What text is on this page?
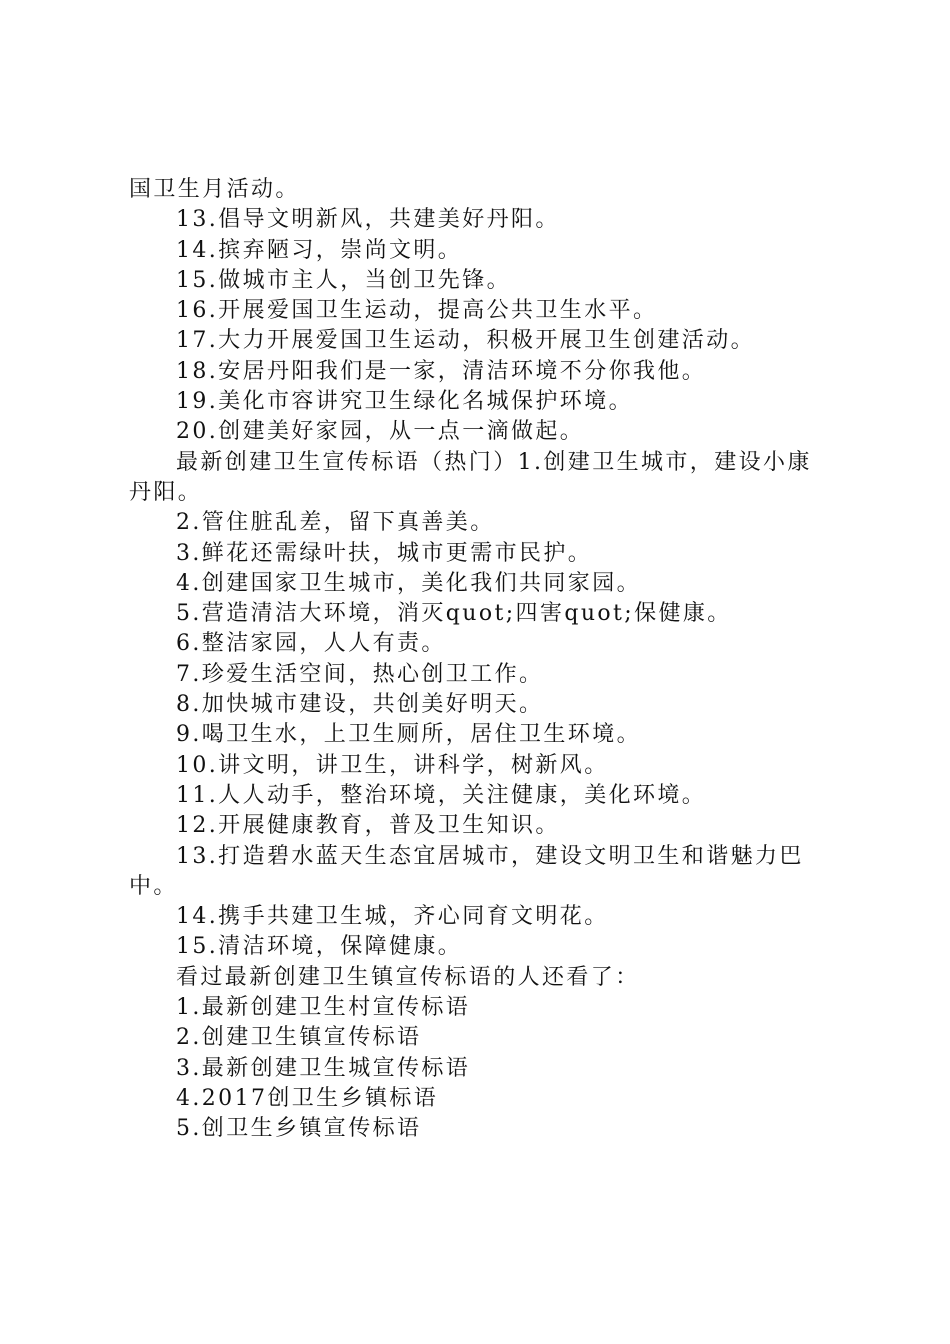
国卫生月活动。

13.倡导文明新风，共建美好丹阳。

14.摈弃陋习，崇尚文明。

15.做城市主人，当创卫先锋。

16.开展爱国卫生运动，提高公共卫生水平。

17.大力开展爱国卫生运动，积极开展卫生创建活动。

18.安居丹阳我们是一家，清洁环境不分你我他。

19.美化市容讲究卫生绿化名城保护环境。

20.创建美好家园，从一点一滴做起。

最新创建卫生宣传标语（热门）1.创建卫生城市，建设小康丹阳。

2.管住脏乱差，留下真善美。

3.鲜花还需绿叶扶，城市更需市民护。

4.创建国家卫生城市，美化我们共同家园。

5.营造清洁大环境，消灭quot;四害quot;保健康。

6.整洁家园，人人有责。

7.珍爱生活空间，热心创卫工作。

8.加快城市建设，共创美好明天。

9.喝卫生水，上卫生厕所，居住卫生环境。

10.讲文明，讲卫生，讲科学，树新风。

11.人人动手，整治环境，关注健康，美化环境。

12.开展健康教育，普及卫生知识。

13.打造碧水蓝天生态宜居城市，建设文明卫生和谐魅力巴中。

14.携手共建卫生城，齐心同育文明花。

15.清洁环境，保障健康。

看过最新创建卫生镇宣传标语的人还看了：

1.最新创建卫生村宣传标语

2.创建卫生镇宣传标语

3.最新创建卫生城宣传标语

4.2017创卫生乡镇标语

5.创卫生乡镇宣传标语
